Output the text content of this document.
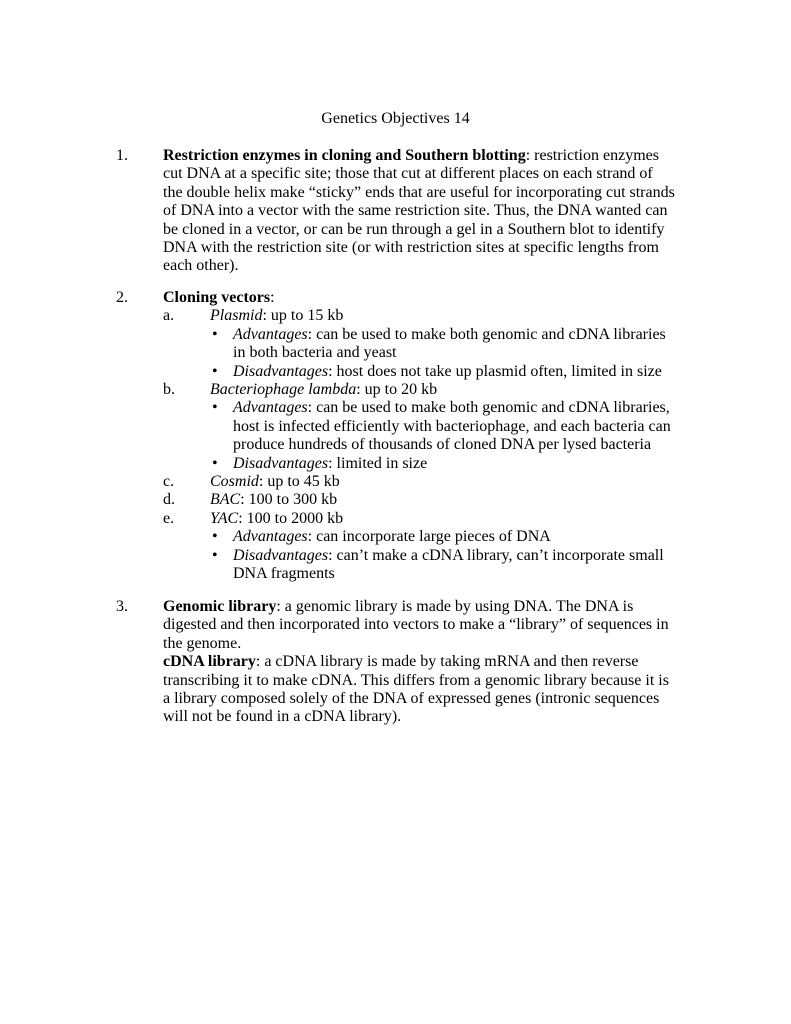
Genetics Objectives 14
1. Restriction enzymes in cloning and Southern blotting: restriction enzymes cut DNA at a specific site; those that cut at different places on each strand of the double helix make “sticky” ends that are useful for incorporating cut strands of DNA into a vector with the same restriction site. Thus, the DNA wanted can be cloned in a vector, or can be run through a gel in a Southern blot to identify DNA with the restriction site (or with restriction sites at specific lengths from each other).
2. Cloning vectors:
a. Plasmid: up to 15 kb
• Advantages: can be used to make both genomic and cDNA libraries in both bacteria and yeast
• Disadvantages: host does not take up plasmid often, limited in size
b. Bacteriophage lambda: up to 20 kb
• Advantages: can be used to make both genomic and cDNA libraries, host is infected efficiently with bacteriophage, and each bacteria can produce hundreds of thousands of cloned DNA per lysed bacteria
• Disadvantages: limited in size
c. Cosmid: up to 45 kb
d. BAC: 100 to 300 kb
e. YAC: 100 to 2000 kb
• Advantages: can incorporate large pieces of DNA
• Disadvantages: can’t make a cDNA library, can’t incorporate small DNA fragments
3. Genomic library: a genomic library is made by using DNA. The DNA is digested and then incorporated into vectors to make a “library” of sequences in the genome.
cDNA library: a cDNA library is made by taking mRNA and then reverse transcribing it to make cDNA. This differs from a genomic library because it is a library composed solely of the DNA of expressed genes (intronic sequences will not be found in a cDNA library).
